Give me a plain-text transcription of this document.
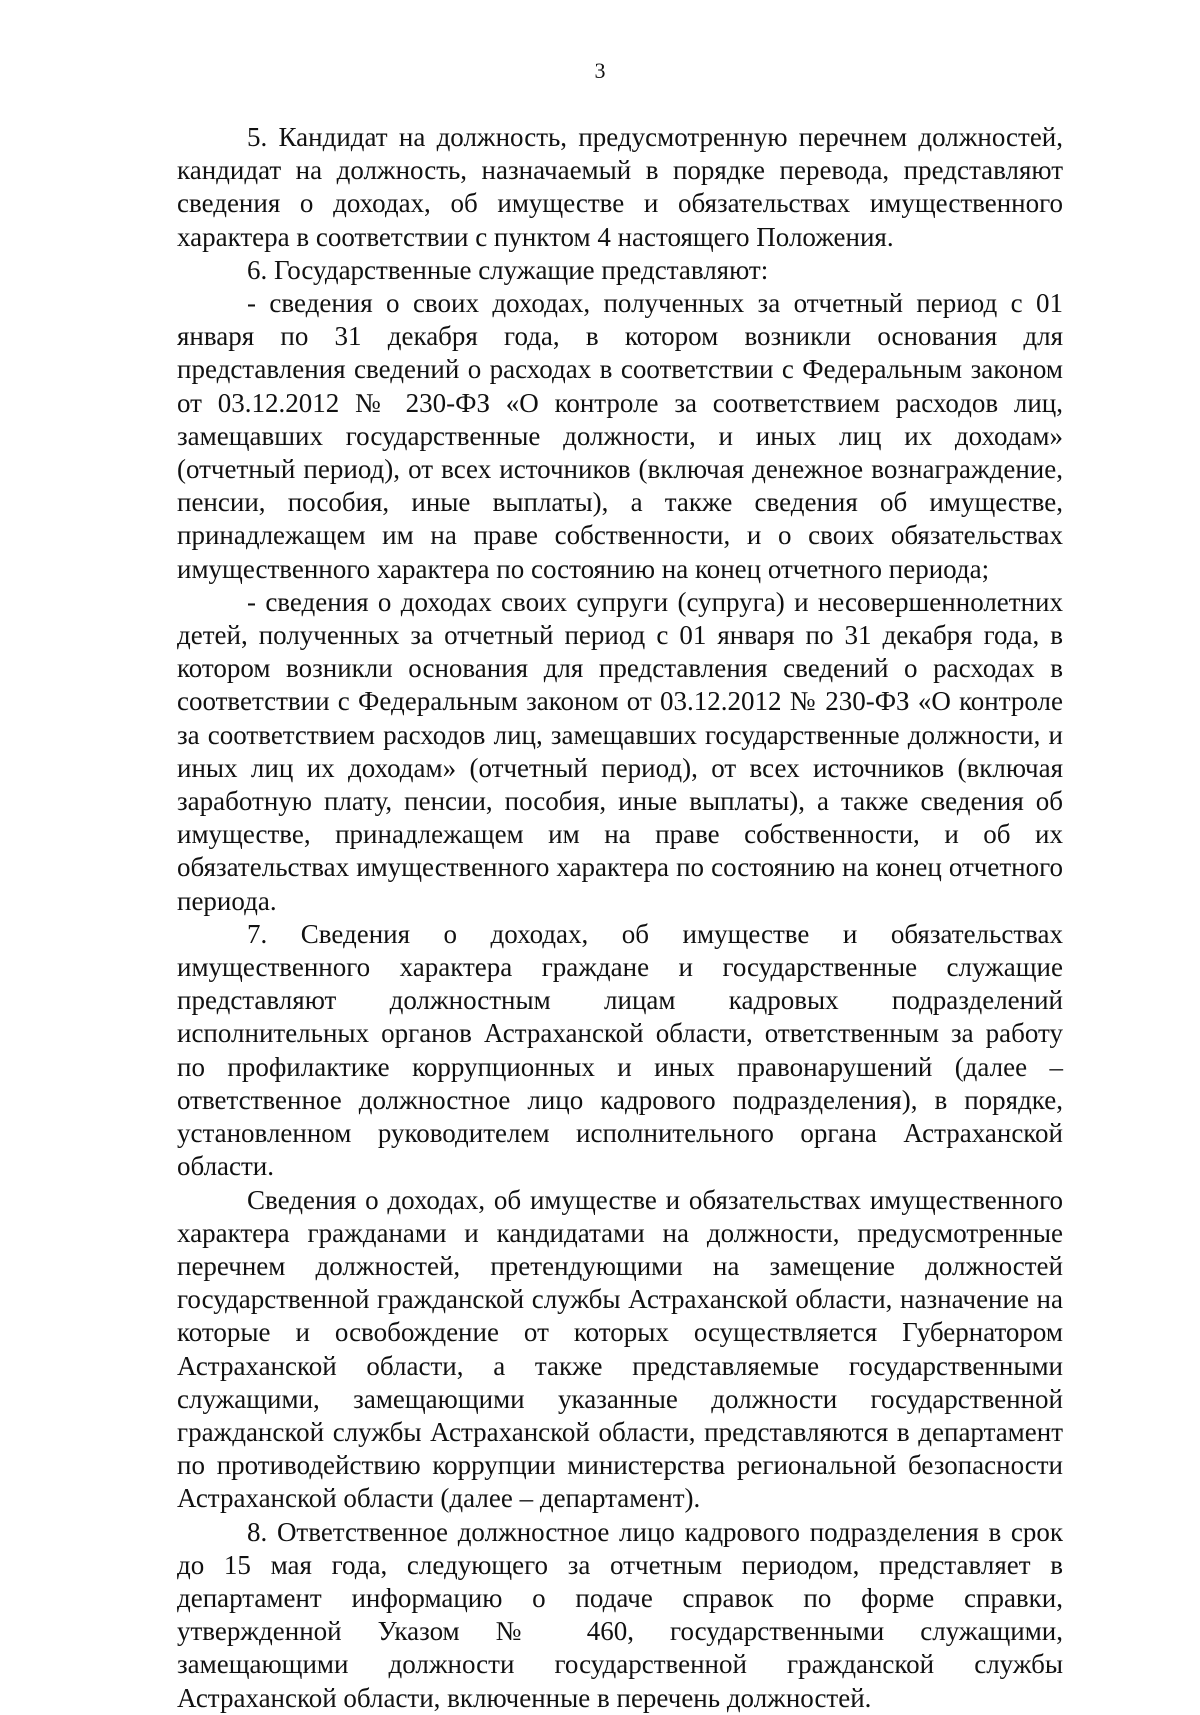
3

5. Кандидат на должность, предусмотренную перечнем должностей, кандидат на должность, назначаемый в порядке перевода, представляют сведения о доходах, об имуществе и обязательствах имущественного характера в соответствии с пунктом 4 настоящего Положения.

6. Государственные служащие представляют:

- сведения о своих доходах, полученных за отчетный период с 01 января по 31 декабря года, в котором возникли основания для представления сведений о расходах в соответствии с Федеральным законом от 03.12.2012 № 230-ФЗ «О контроле за соответствием расходов лиц, замещавших государственные должности, и иных лиц их доходам» (отчетный период), от всех источников (включая денежное вознаграждение, пенсии, пособия, иные выплаты), а также сведения об имуществе, принадлежащем им на праве собственности, и о своих обязательствах имущественного характера по состоянию на конец отчетного периода;

- сведения о доходах своих супруги (супруга) и несовершеннолетних детей, полученных за отчетный период с 01 января по 31 декабря года, в котором возникли основания для представления сведений о расходах в соответствии с Федеральным законом от 03.12.2012 № 230-ФЗ «О контроле за соответствием расходов лиц, замещавших государственные должности, и иных лиц их доходам» (отчетный период), от всех источников (включая заработную плату, пенсии, пособия, иные выплаты), а также сведения об имуществе, принадлежащем им на праве собственности, и об их обязательствах имущественного характера по состоянию на конец отчетного периода.

7. Сведения о доходах, об имуществе и обязательствах имущественного характера граждане и государственные служащие представляют должностным лицам кадровых подразделений исполнительных органов Астраханской области, ответственным за работу по профилактике коррупционных и иных правонарушений (далее – ответственное должностное лицо кадрового подразделения), в порядке, установленном руководителем исполнительного органа Астраханской области.

Сведения о доходах, об имуществе и обязательствах имущественного характера гражданами и кандидатами на должности, предусмотренные перечнем должностей, претендующими на замещение должностей государственной гражданской службы Астраханской области, назначение на которые и освобождение от которых осуществляется Губернатором Астраханской области, а также представляемые государственными служащими, замещающими указанные должности государственной гражданской службы Астраханской области, представляются в департамент по противодействию коррупции министерства региональной безопасности Астраханской области (далее – департамент).

8. Ответственное должностное лицо кадрового подразделения в срок до 15 мая года, следующего за отчетным периодом, представляет в департамент информацию о подаче справок по форме справки, утвержденной Указом № 460, государственными служащими, замещающими должности государственной гражданской службы Астраханской области, включенные в перечень должностей.
